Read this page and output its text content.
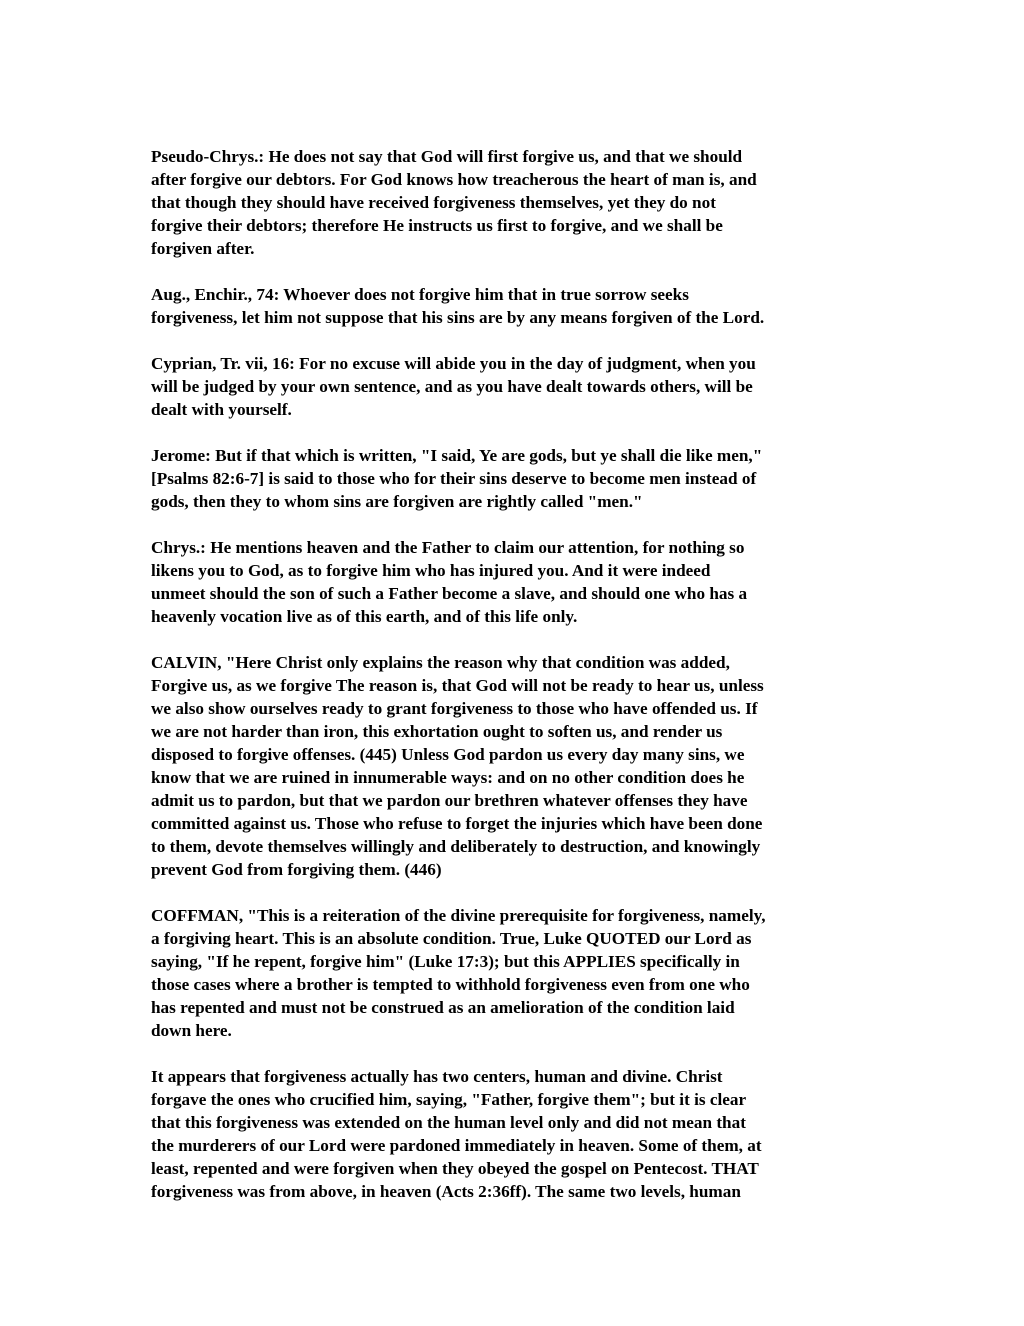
Pseudo-Chrys.: He does not say that God will first forgive us, and that we should
after forgive our debtors. For God knows how treacherous the heart of man is, and
that though they should have received forgiveness themselves, yet they do not
forgive their debtors; therefore He instructs us first to forgive, and we shall be
forgiven after.
Aug., Enchir., 74: Whoever does not forgive him that in true sorrow seeks
forgiveness, let him not suppose that his sins are by any means forgiven of the Lord.
Cyprian, Tr. vii, 16: For no excuse will abide you in the day of judgment, when you
will be judged by your own sentence, and as you have dealt towards others, will be
dealt with yourself.
Jerome: But if that which is written, "I said, Ye are gods, but ye shall die like men,"
[Psalms 82:6-7] is said to those who for their sins deserve to become men instead of
gods, then they to whom sins are forgiven are rightly called "men."
Chrys.: He mentions heaven and the Father to claim our attention, for nothing so
likens you to God, as to forgive him who has injured you. And it were indeed
unmeet should the son of such a Father become a slave, and should one who has a
heavenly vocation live as of this earth, and of this life only.
CALVIN, "Here Christ only explains the reason why that condition was added,
Forgive us, as we forgive The reason is, that God will not be ready to hear us, unless
we also show ourselves ready to grant forgiveness to those who have offended us. If
we are not harder than iron, this exhortation ought to soften us, and render us
disposed to forgive offenses. (445) Unless God pardon us every day many sins, we
know that we are ruined in innumerable ways: and on no other condition does he
admit us to pardon, but that we pardon our brethren whatever offenses they have
committed against us. Those who refuse to forget the injuries which have been done
to them, devote themselves willingly and deliberately to destruction, and knowingly
prevent God from forgiving them. (446)
COFFMAN, "This is a reiteration of the divine prerequisite for forgiveness, namely,
a forgiving heart. This is an absolute condition. True, Luke QUOTED our Lord as
saying, "If he repent, forgive him" (Luke 17:3); but this APPLIES specifically in
those cases where a brother is tempted to withhold forgiveness even from one who
has repented and must not be construed as an amelioration of the condition laid
down here.
It appears that forgiveness actually has two centers, human and divine. Christ
forgave the ones who crucified him, saying, "Father, forgive them"; but it is clear
that this forgiveness was extended on the human level only and did not mean that
the murderers of our Lord were pardoned immediately in heaven. Some of them, at
least, repented and were forgiven when they obeyed the gospel on Pentecost. THAT
forgiveness was from above, in heaven (Acts 2:36ff). The same two levels, human
